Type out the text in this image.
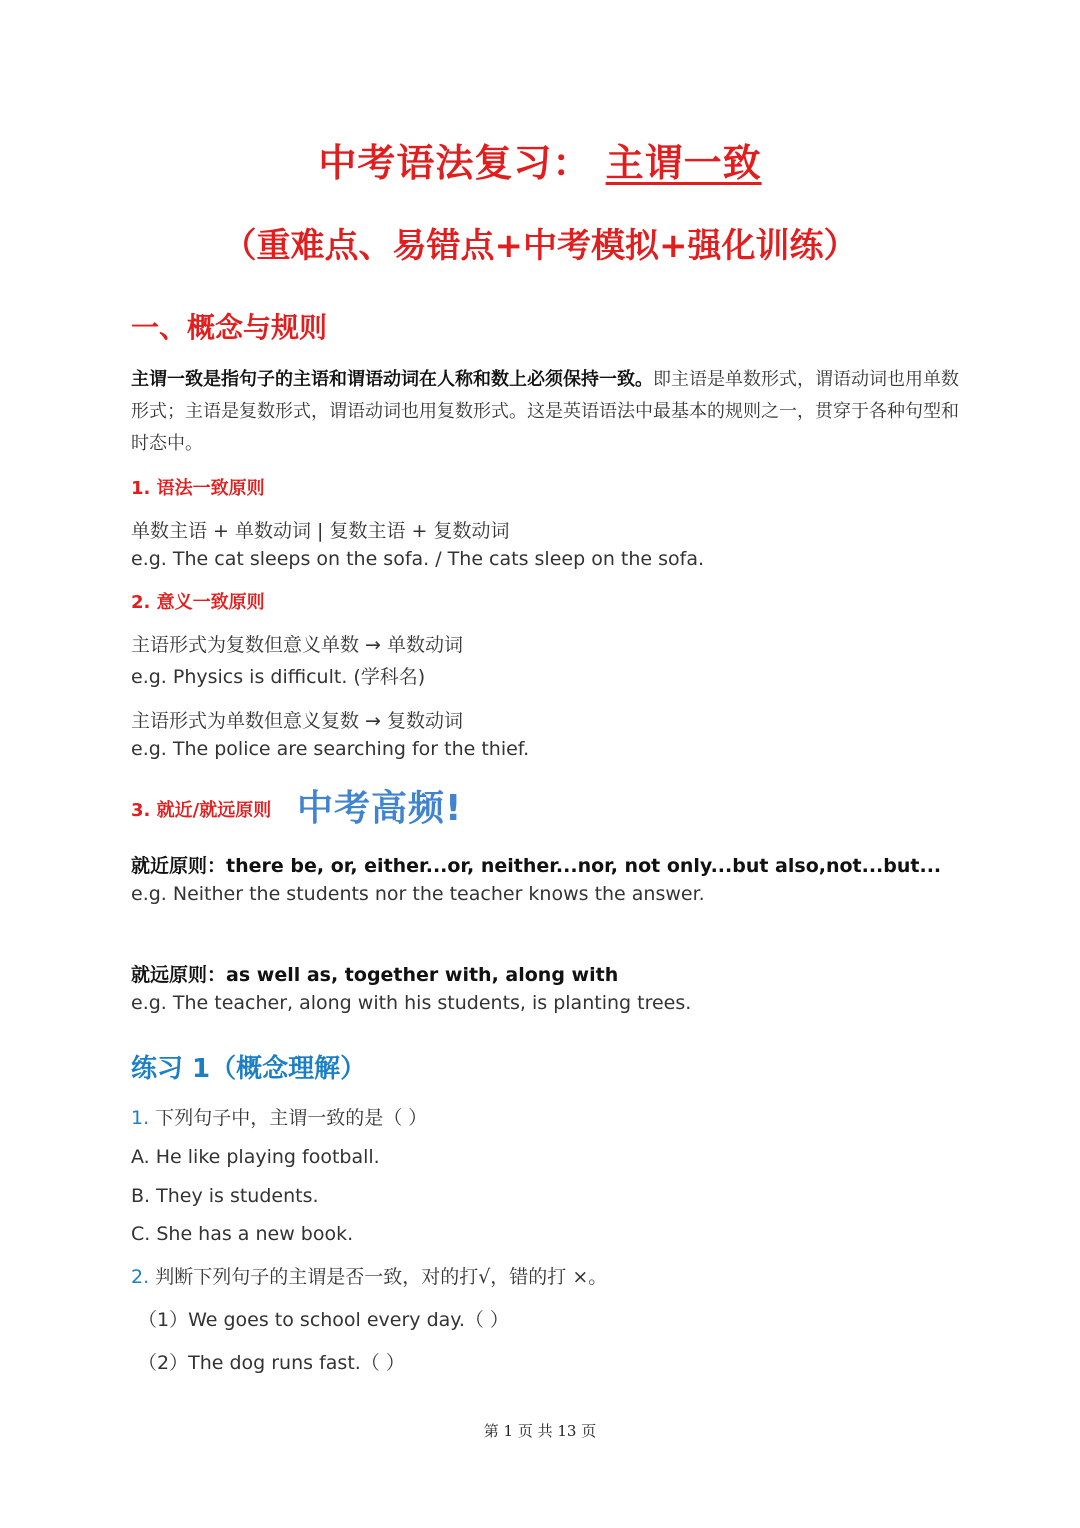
中考语法复习： 主谓一致
（重难点、易错点+中考模拟+强化训练）
一、概念与规则
主谓一致是指句子的主语和谓语动词在人称和数上必须保持一致。即主语是单数形式，谓语动词也用单数形式；主语是复数形式，谓语动词也用复数形式。这是英语语法中最基本的规则之一，贯穿于各种句型和时态中。
1. 语法一致原则
单数主语 + 单数动词 | 复数主语 + 复数动词
e.g. The cat sleeps on the sofa. / The cats sleep on the sofa.
2. 意义一致原则
主语形式为复数但意义单数 → 单数动词
e.g. Physics is difficult. (学科名)
主语形式为单数但意义复数 → 复数动词
e.g. The police are searching for the thief.
3. 就近/就远原则 中考高频!
就近原则：there be, or, either...or, neither...nor, not only...but also,not...but...
e.g. Neither the students nor the teacher knows the answer.
就远原则：as well as, together with, along with
e.g. The teacher, along with his students, is planting trees.
练习 1（概念理解）
1. 下列句子中，主谓一致的是（ ）
A. He like playing football.
B. They is students.
C. She has a new book.
2. 判断下列句子的主谓是否一致，对的打√，错的打 ×。
（1）We goes to school every day.（ ）
（2）The dog runs fast.（ ）
第 1 页 共 13 页
